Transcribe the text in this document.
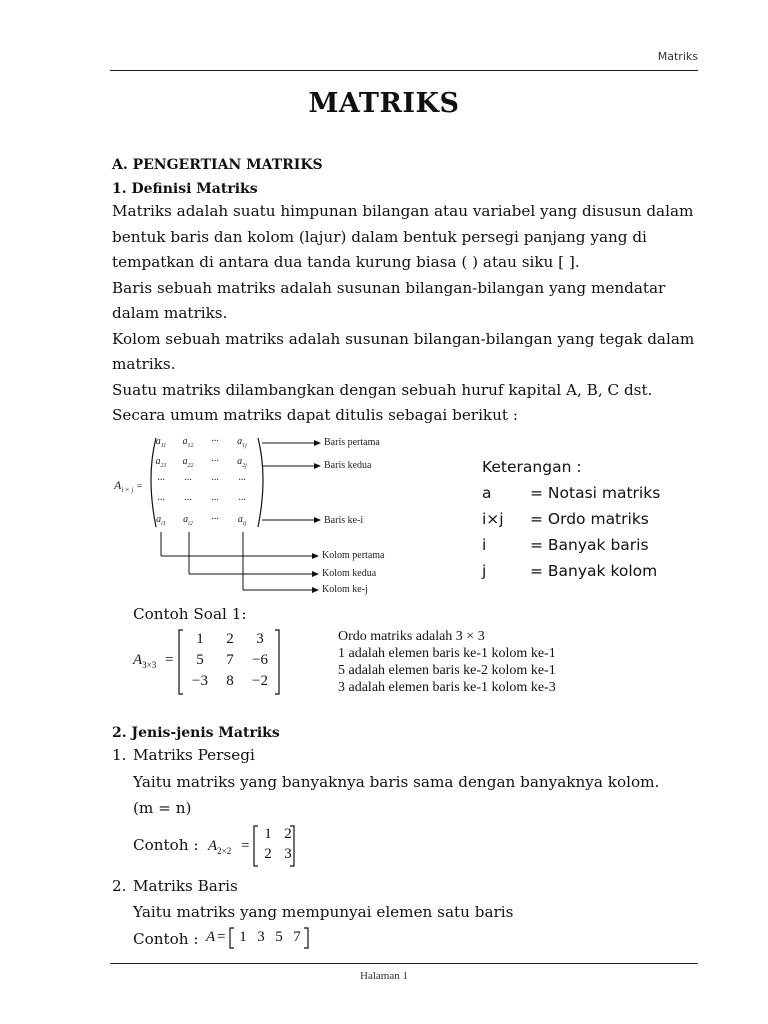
Matriks
MATRIKS
A. PENGERTIAN MATRIKS
1. Definisi Matriks

Matriks adalah suatu himpunan bilangan atau variabel yang disusun dalam bentuk baris dan kolom (lajur) dalam bentuk persegi panjang yang di tempatkan di antara dua tanda kurung biasa ( ) atau siku [ ].

Baris sebuah matriks adalah susunan bilangan-bilangan yang mendatar dalam matriks.

Kolom sebuah matriks adalah susunan bilangan-bilangan yang tegak dalam matriks.

Suatu matriks dilambangkan dengan sebuah huruf kapital A, B, C dst.

Secara umum matriks dapat ditulis sebagai berikut :

$A_{i \times j}$ =
$a_{11}$	$a_{12}$	···	$a_{1j}$
$a_{21}$	$a_{22}$	···	$a_{2j}$
···	···	···	···
···	···	···	···
$a_{i1}$	$a_{i2}$	···	$a_{ij}$
Baris pertama
Baris kedua
Baris ke-i
Kolom pertama
Kolom kedua
Kolom ke-j
Keterangan :
a = Notasi matriks
i×j = Ordo matriks
i	= Banyak baris
j	= Banyak kolom
Contoh Soal 1:
$A_{3\times 3}$ =
1	2	3
5	7	−6
−3	8	−2
Ordo matriks adalah 3 × 3
1 adalah elemen baris ke-1 kolom ke-1
5 adalah elemen baris ke-2 kolom ke-1
3 adalah elemen baris ke-1 kolom ke-3
2. Jenis-jenis Matriks
1. Matriks Persegi
Yaitu matriks yang banyaknya baris sama dengan banyaknya kolom.
(m = n)
Contoh : $A_{2\times 2}$ =
1 2
2 3
2. Matriks Baris
Yaitu matriks yang mempunyai elemen satu baris
Contoh : A = 1 3 5 7
Halaman 1
